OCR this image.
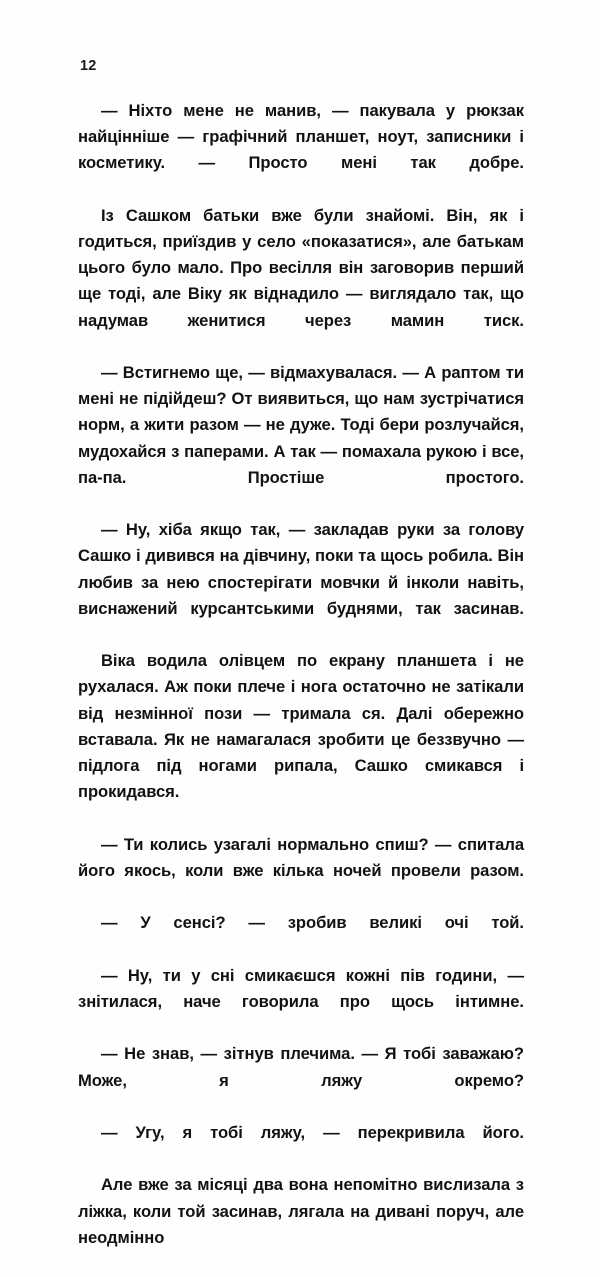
12

— Ніхто мене не манив, — пакувала у рюкзак найцінніше — графічний планшет, ноут, записники і косметику. — Просто мені так добре.

Із Сашком батьки вже були знайомі. Він, як і годиться, приїздив у село «показатися», але батькам цього було мало. Про весілля він заговорив перший ще тоді, але Віку як віднадило — виглядало так, що надумав женитися через мамин тиск.

— Встигнемо ще, — відмахувалася. — А раптом ти мені не підійдеш? От виявиться, що нам зустрічатися норм, а жити разом — не дуже. Тоді бери розлучайся, мудохайся з паперами. А так — помахала рукою і все, па-па. Простіше простого.

— Ну, хіба якщо так, — закладав руки за голову Сашко і дивився на дівчину, поки та щось робила. Він любив за нею спостерігати мовчки й інколи навіть, виснажений курсантськими буднями, так засинав.

Віка водила олівцем по екрану планшета і не рухалася. Аж поки плече і нога остаточно не затікали від незмінної пози — тримала ся. Далі обережно вставала. Як не намагалася зробити це беззвучно — підлога під ногами рипала, Сашко смикався і прокидався.

— Ти колись узагалі нормально спиш? — спитала його якось, коли вже кілька ночей провели разом.

— У сенсі? — зробив великі очі той.

— Ну, ти у сні смикаєшся кожні пів години, — знітилася, наче говорила про щось інтимне.

— Не знав, — зітнув плечима. — Я тобі заважаю? Може, я ляжу окремо?

— Угу, я тобі ляжу, — перекривила його.

Але вже за місяці два вона непомітно вислизала з ліжка, коли той засинав, лягала на дивані поруч, але неодмінно
